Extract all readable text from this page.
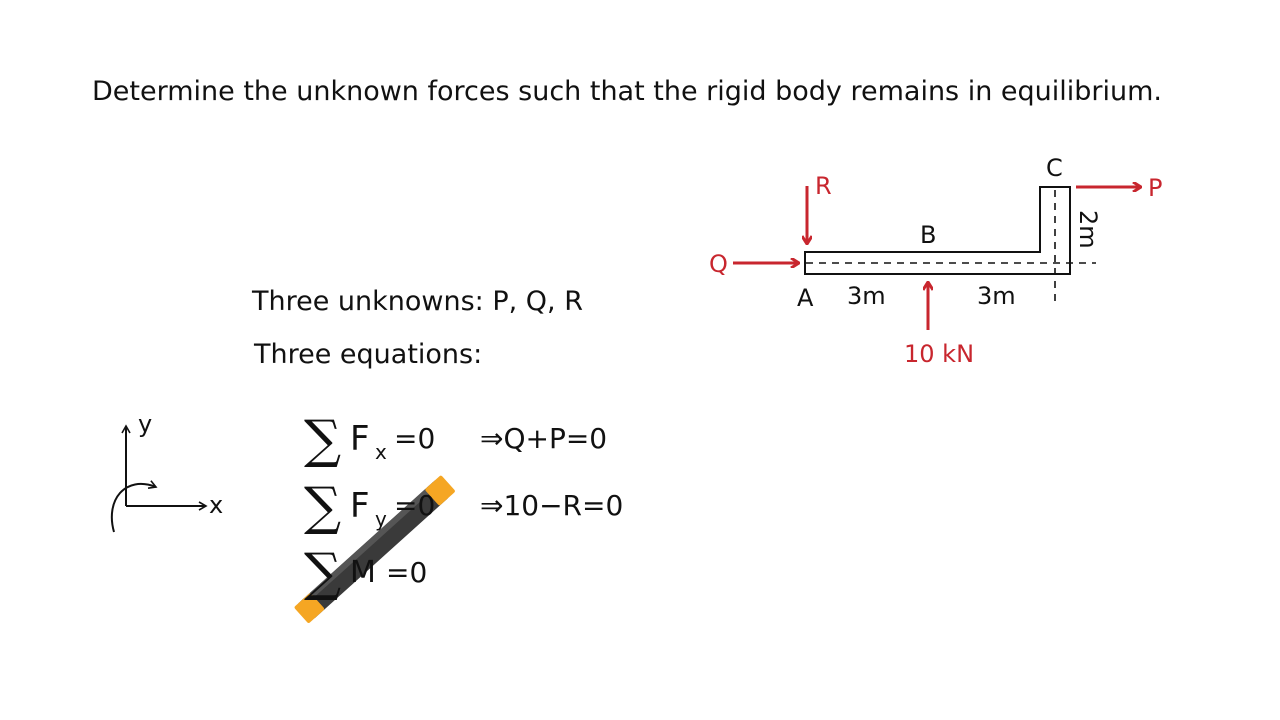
Determine the unknown forces such that the rigid body remains in equilibrium.
Three unknowns: P, Q, R
Three equations:
y
x
∑ F x =0 ⇒Q+P=0
∑ F y =0 ⇒10−R=0
∑ M =0
R
Q
P
10 kN
C
B
A 3m	3m
2m
